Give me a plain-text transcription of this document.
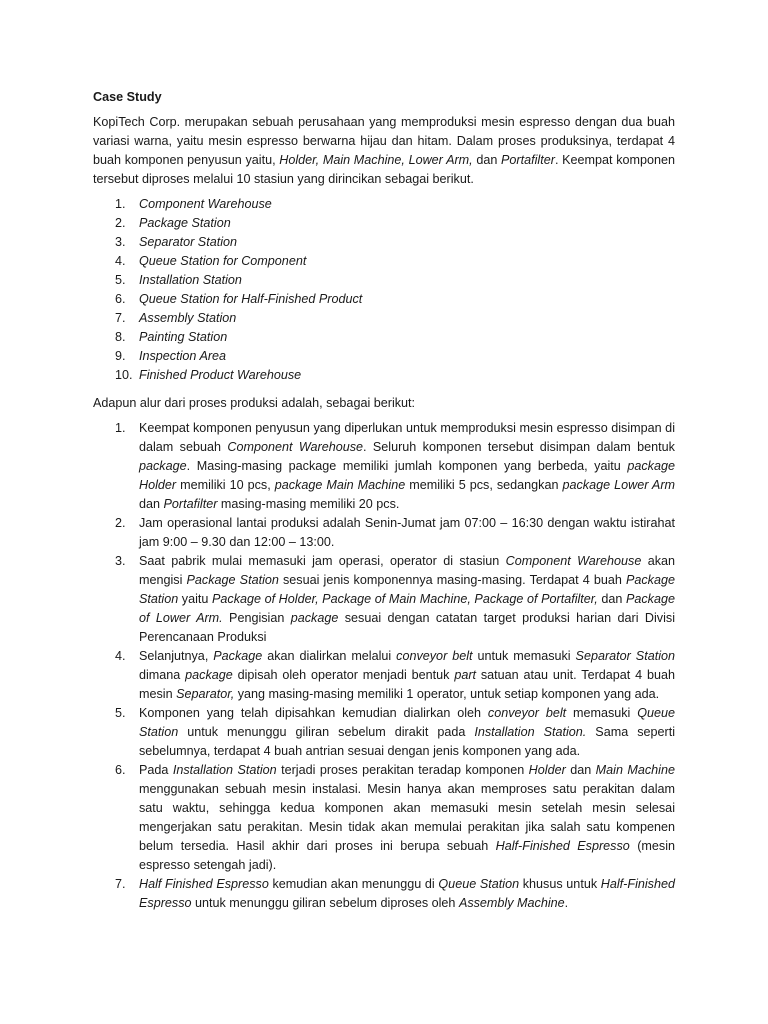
Case Study

KopiTech Corp. merupakan sebuah perusahaan yang memproduksi mesin espresso dengan dua buah variasi warna, yaitu mesin espresso berwarna hijau dan hitam. Dalam proses produksinya, terdapat 4 buah komponen penyusun yaitu, Holder, Main Machine, Lower Arm, dan Portafilter. Keempat komponen tersebut diproses melalui 10 stasiun yang dirincikan sebagai berikut.

1. Component Warehouse
2. Package Station
3. Separator Station
4. Queue Station for Component
5. Installation Station
6. Queue Station for Half-Finished Product
7. Assembly Station
8. Painting Station
9. Inspection Area
10. Finished Product Warehouse

Adapun alur dari proses produksi adalah, sebagai berikut:

1. Keempat komponen penyusun yang diperlukan untuk memproduksi mesin espresso disimpan di dalam sebuah Component Warehouse. Seluruh komponen tersebut disimpan dalam bentuk package. Masing-masing package memiliki jumlah komponen yang berbeda, yaitu package Holder memiliki 10 pcs, package Main Machine memiliki 5 pcs, sedangkan package Lower Arm dan Portafilter masing-masing memiliki 20 pcs.
2. Jam operasional lantai produksi adalah Senin-Jumat jam 07:00 – 16:30 dengan waktu istirahat jam 9:00 – 9.30 dan 12:00 – 13:00.
3. Saat pabrik mulai memasuki jam operasi, operator di stasiun Component Warehouse akan mengisi Package Station sesuai jenis komponennya masing-masing. Terdapat 4 buah Package Station yaitu Package of Holder, Package of Main Machine, Package of Portafilter, dan Package of Lower Arm. Pengisian package sesuai dengan catatan target produksi harian dari Divisi Perencanaan Produksi
4. Selanjutnya, Package akan dialirkan melalui conveyor belt untuk memasuki Separator Station dimana package dipisah oleh operator menjadi bentuk part satuan atau unit. Terdapat 4 buah mesin Separator, yang masing-masing memiliki 1 operator, untuk setiap komponen yang ada.
5. Komponen yang telah dipisahkan kemudian dialirkan oleh conveyor belt memasuki Queue Station untuk menunggu giliran sebelum dirakit pada Installation Station. Sama seperti sebelumnya, terdapat 4 buah antrian sesuai dengan jenis komponen yang ada.
6. Pada Installation Station terjadi proses perakitan teradap komponen Holder dan Main Machine menggunakan sebuah mesin instalasi. Mesin hanya akan memproses satu perakitan dalam satu waktu, sehingga kedua komponen akan memasuki mesin setelah mesin selesai mengerjakan satu perakitan. Mesin tidak akan memulai perakitan jika salah satu kompenen belum tersedia. Hasil akhir dari proses ini berupa sebuah Half-Finished Espresso (mesin espresso setengah jadi).
7. Half Finished Espresso kemudian akan menunggu di Queue Station khusus untuk Half-Finished Espresso untuk menunggu giliran sebelum diproses oleh Assembly Machine.
